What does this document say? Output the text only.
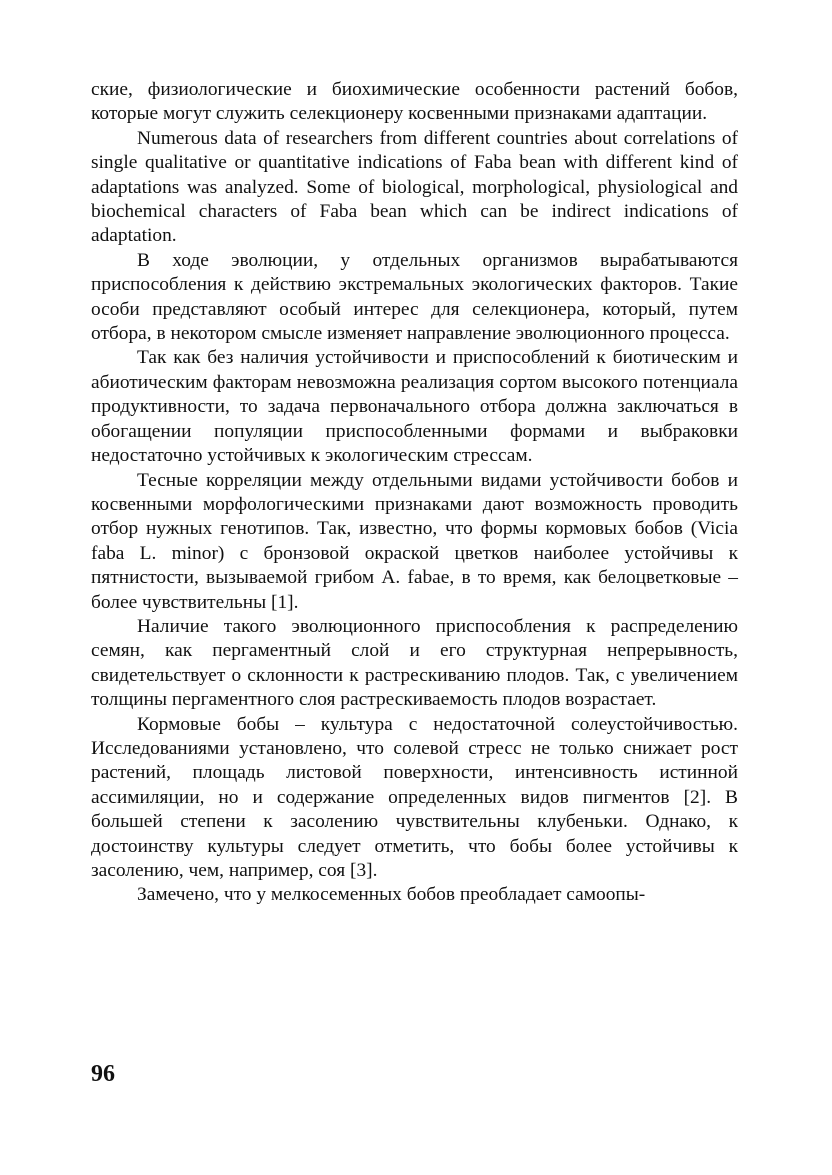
ские, физиологические и биохимические особенности растений бобов, которые могут служить селекционеру косвенными признаками адаптации.

Numerous data of researchers from different countries about correlations of single qualitative or quantitative indications of Faba bean with different kind of adaptations was analyzed. Some of biological, morphological, physiological and biochemical characters of Faba bean which can be indirect indications of adaptation.

В ходе эволюции, у отдельных организмов вырабатываются приспособления к действию экстремальных экологических факторов. Такие особи представляют особый интерес для селекционера, который, путем отбора, в некотором смысле изменяет направление эволюционного процесса.

Так как без наличия устойчивости и приспособлений к биотическим и абиотическим факторам невозможна реализация сортом высокого потенциала продуктивности, то задача первоначального отбора должна заключаться в обогащении популяции приспособленными формами и выбраковки недостаточно устойчивых к экологическим стрессам.

Тесные корреляции между отдельными видами устойчивости бобов и косвенными морфологическими признаками дают возможность проводить отбор нужных генотипов. Так, известно, что формы кормовых бобов (Vicia faba L. minor) с бронзовой окраской цветков наиболее устойчивы к пятнистости, вызываемой грибом A. fabae, в то время, как белоцветковые – более чувствительны [1].

Наличие такого эволюционного приспособления к распределению семян, как пергаментный слой и его структурная непрерывность, свидетельствует о склонности к растрескиванию плодов. Так, с увеличением толщины пергаментного слоя растрескиваемость плодов возрастает.

Кормовые бобы – культура с недостаточной солеустойчивостью. Исследованиями установлено, что солевой стресс не только снижает рост растений, площадь листовой поверхности, интенсивность истинной ассимиляции, но и содержание определенных видов пигментов [2]. В большей степени к засолению чувствительны клубеньки. Однако, к достоинству культуры следует отметить, что бобы более устойчивы к засолению, чем, например, соя [3].

Замечено, что у мелкосеменных бобов преобладает самоопы-

96
